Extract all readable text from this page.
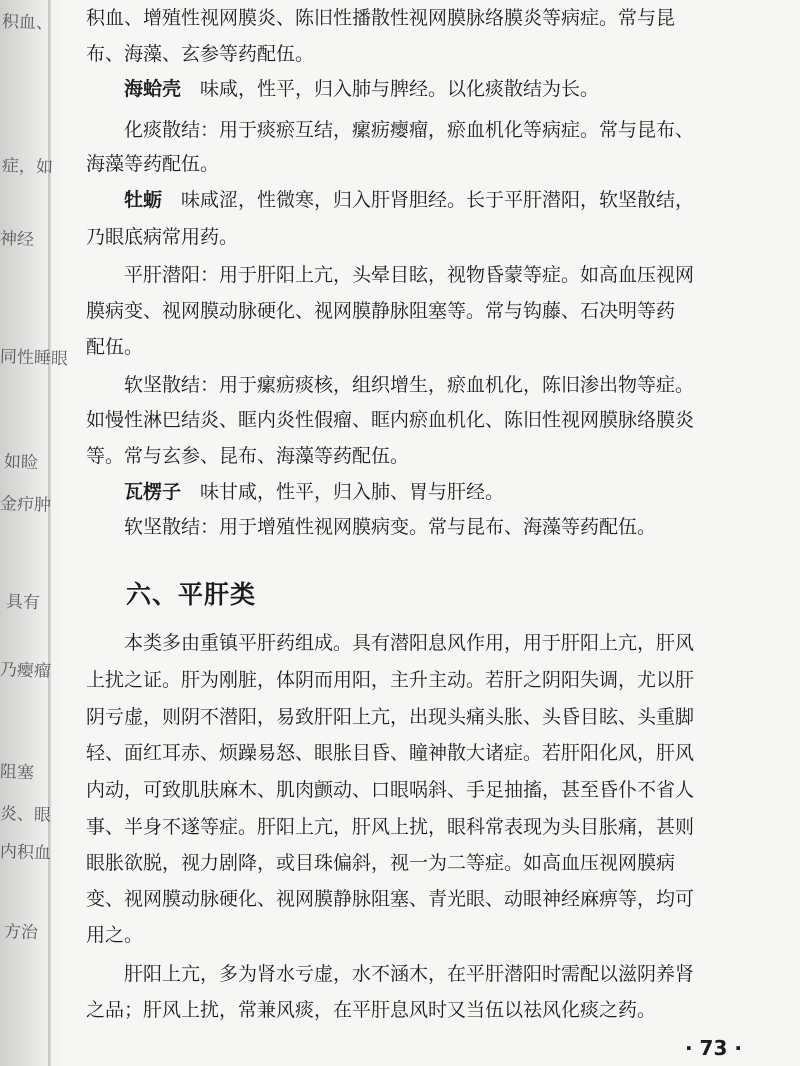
积血、
症，如
神经
同性睡眼
如睑
金疖肿
具有
乃瘿瘤
阻塞
炎、眼
内积血
方治
积血、增殖性视网膜炎、陈旧性播散性视网膜脉络膜炎等病症。常与昆
布、海藻、玄参等药配伍。
海蛤壳　味咸，性平，归入肺与脾经。以化痰散结为长。
化痰散结：用于痰瘀互结，瘰疬瘿瘤，瘀血机化等病症。常与昆布、
海藻等药配伍。
牡蛎　味咸涩，性微寒，归入肝肾胆经。长于平肝潜阳，软坚散结，
乃眼底病常用药。
平肝潜阳：用于肝阳上亢，头晕目眩，视物昏蒙等症。如高血压视网
膜病变、视网膜动脉硬化、视网膜静脉阻塞等。常与钩藤、石决明等药
配伍。
软坚散结：用于瘰疬痰核，组织增生，瘀血机化，陈旧渗出物等症。
如慢性淋巴结炎、眶内炎性假瘤、眶内瘀血机化、陈旧性视网膜脉络膜炎
等。常与玄参、昆布、海藻等药配伍。
瓦楞子　味甘咸，性平，归入肺、胃与肝经。
软坚散结：用于增殖性视网膜病变。常与昆布、海藻等药配伍。
六、平肝类
本类多由重镇平肝药组成。具有潜阳息风作用，用于肝阳上亢，肝风
上扰之证。肝为刚脏，体阴而用阳，主升主动。若肝之阴阳失调，尤以肝
阴亏虚，则阴不潜阳，易致肝阳上亢，出现头痛头胀、头昏目眩、头重脚
轻、面红耳赤、烦躁易怒、眼胀目昏、瞳神散大诸症。若肝阳化风，肝风
内动，可致肌肤麻木、肌肉颤动、口眼㖞斜、手足抽搐，甚至昏仆不省人
事、半身不遂等症。肝阳上亢，肝风上扰，眼科常表现为头目胀痛，甚则
眼胀欲脱，视力剧降，或目珠偏斜，视一为二等症。如高血压视网膜病
变、视网膜动脉硬化、视网膜静脉阻塞、青光眼、动眼神经麻痹等，均可
用之。
肝阳上亢，多为肾水亏虚，水不涵木，在平肝潜阳时需配以滋阴养肾
之品；肝风上扰，常兼风痰，在平肝息风时又当伍以祛风化痰之药。
· 73 ·
